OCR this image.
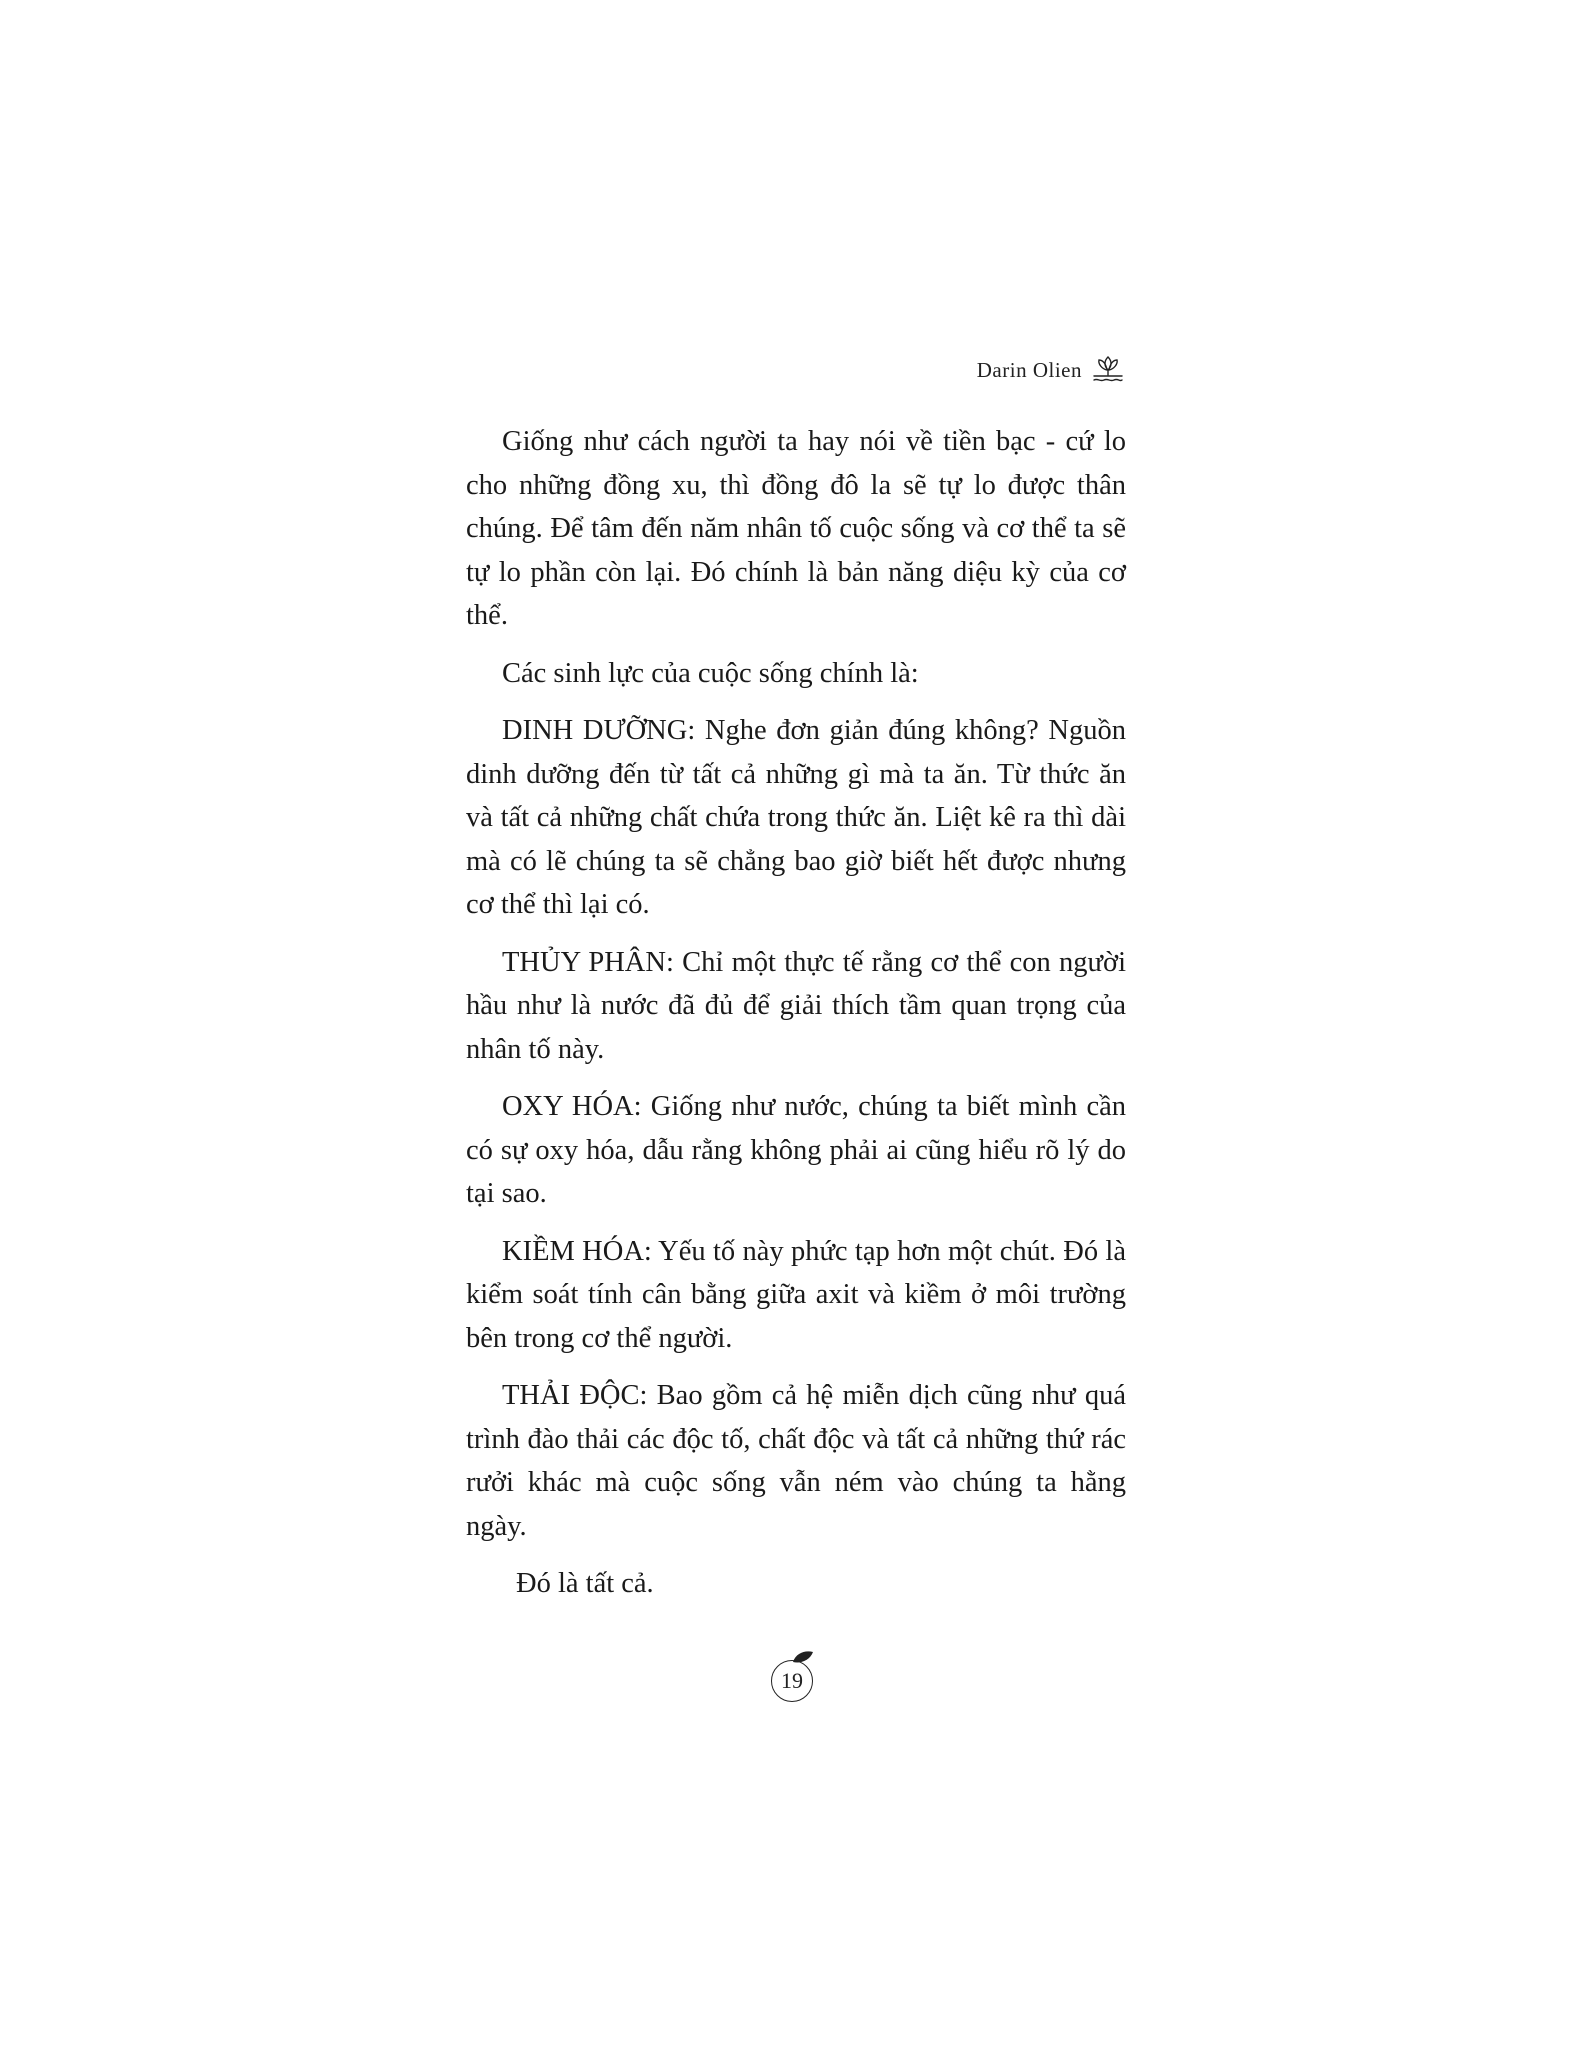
Darin Olien

Giống như cách người ta hay nói về tiền bạc - cứ lo cho những đồng xu, thì đồng đô la sẽ tự lo được thân chúng. Để tâm đến năm nhân tố cuộc sống và cơ thể ta sẽ tự lo phần còn lại. Đó chính là bản năng diệu kỳ của cơ thể.

Các sinh lực của cuộc sống chính là:

DINH DƯỠNG: Nghe đơn giản đúng không? Nguồn dinh dưỡng đến từ tất cả những gì mà ta ăn. Từ thức ăn và tất cả những chất chứa trong thức ăn. Liệt kê ra thì dài mà có lẽ chúng ta sẽ chẳng bao giờ biết hết được nhưng cơ thể thì lại có.

THỦY PHÂN: Chỉ một thực tế rằng cơ thể con người hầu như là nước đã đủ để giải thích tầm quan trọng của nhân tố này.

OXY HÓA: Giống như nước, chúng ta biết mình cần có sự oxy hóa, dẫu rằng không phải ai cũng hiểu rõ lý do tại sao.

KIỀM HÓA: Yếu tố này phức tạp hơn một chút. Đó là kiểm soát tính cân bằng giữa axit và kiềm ở môi trường bên trong cơ thể người.

THẢI ĐỘC: Bao gồm cả hệ miễn dịch cũng như quá trình đào thải các độc tố, chất độc và tất cả những thứ rác rưởi khác mà cuộc sống vẫn ném vào chúng ta hằng ngày.

Đó là tất cả.

19
